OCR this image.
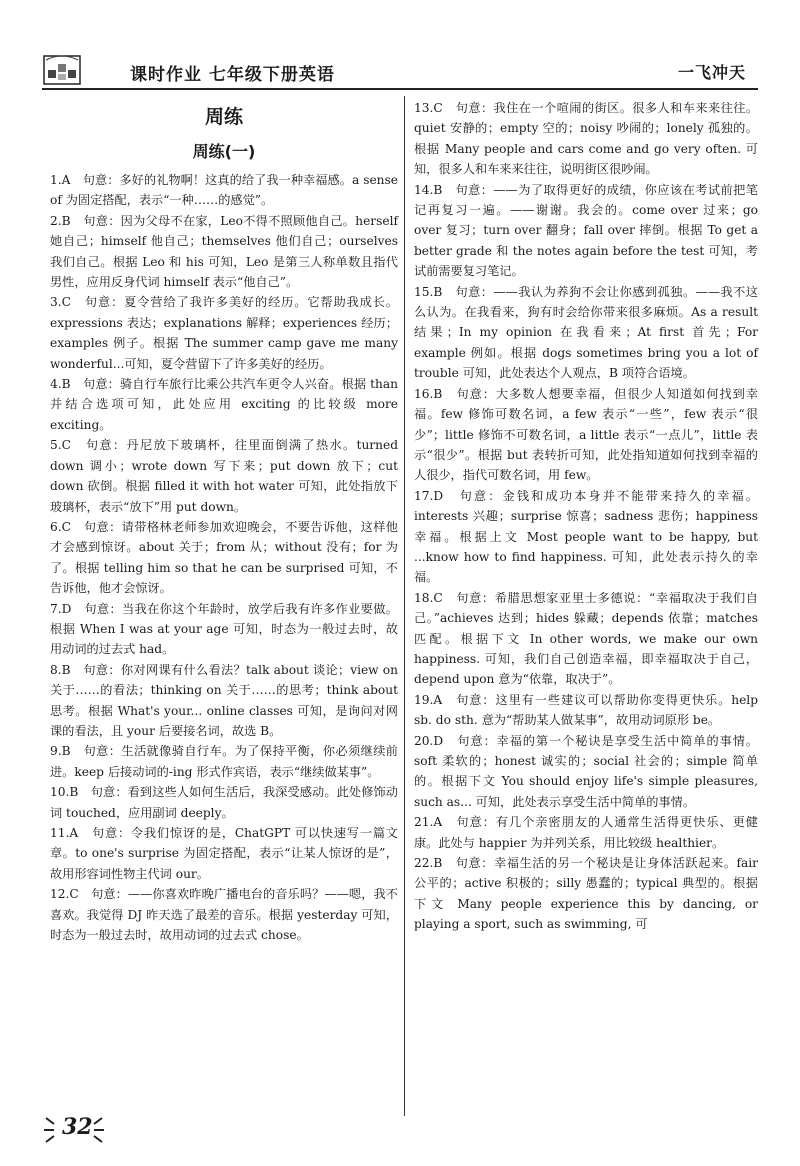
课时作业 七年级下册英语	一飞冲天
周练
周练(一)

1.A　句意：多好的礼物啊！这真的给了我一种幸福感。a sense of 为固定搭配，表示“一种……的感觉”。

2.B　句意：因为父母不在家，Leo不得不照顾他自己。herself 她自己；himself 他自己；themselves 他们自己；ourselves 我们自己。根据 Leo 和 his 可知，Leo 是第三人称单数且指代男性，应用反身代词 himself 表示“他自己”。

3.C　句意：夏令营给了我许多美好的经历。它帮助我成长。expressions 表达；explanations 解释；experiences 经历；examples 例子。根据 The summer camp gave me many wonderful...可知，夏令营留下了许多美好的经历。

4.B　句意：骑自行车旅行比乘公共汽车更令人兴奋。根据 than 并结合选项可知，此处应用 exciting 的比较级 more exciting。

5.C　句意：丹尼放下玻璃杯，往里面倒满了热水。turned down 调小；wrote down 写下来；put down 放下；cut down 砍倒。根据 filled it with hot water 可知，此处指放下玻璃杯，表示“放下”用 put down。

6.C　句意：请带格林老师参加欢迎晚会，不要告诉他，这样他才会感到惊讶。about 关于；from 从；without 没有；for 为了。根据 telling him so that he can be surprised 可知，不告诉他，他才会惊讶。

7.D　句意：当我在你这个年龄时，放学后我有许多作业要做。根据 When I was at your age 可知，时态为一般过去时，故用动词的过去式 had。

8.B　句意：你对网课有什么看法？talk about 谈论；view on 关于……的看法；thinking on 关于……的思考；think about 思考。根据 What's your... online classes 可知，是询问对网课的看法，且 your 后要接名词，故选 B。

9.B　句意：生活就像骑自行车。为了保持平衡，你必须继续前进。keep 后接动词的-ing 形式作宾语，表示“继续做某事”。

10.B　句意：看到这些人如何生活后，我深受感动。此处修饰动词 touched，应用副词 deeply。

11.A　句意：令我们惊讶的是，ChatGPT 可以快速写一篇文章。to one's surprise 为固定搭配，表示“让某人惊讶的是”，故用形容词性物主代词 our。

12.C　句意：——你喜欢昨晚广播电台的音乐吗？——嗯，我不喜欢。我觉得 DJ 昨天选了最差的音乐。根据 yesterday 可知，时态为一般过去时，故用动词的过去式 chose。

13.C　句意：我住在一个喧闹的街区。很多人和车来来往往。quiet 安静的；empty 空的；noisy 吵闹的；lonely 孤独的。根据 Many people and cars come and go very often. 可知，很多人和车来来往往，说明街区很吵闹。

14.B　句意：——为了取得更好的成绩，你应该在考试前把笔记再复习一遍。——谢谢。我会的。come over 过来；go over 复习；turn over 翻身；fall over 摔倒。根据 To get a better grade 和 the notes again before the test 可知，考试前需要复习笔记。

15.B　句意：——我认为养狗不会让你感到孤独。——我不这么认为。在我看来，狗有时会给你带来很多麻烦。As a result 结果；In my opinion 在我看来；At first 首先；For example 例如。根据 dogs sometimes bring you a lot of trouble 可知，此处表达个人观点，B 项符合语境。

16.B　句意：大多数人想要幸福，但很少人知道如何找到幸福。few 修饰可数名词，a few 表示“一些”，few 表示“很少”；little 修饰不可数名词，a little 表示“一点儿”，little 表示“很少”。根据 but 表转折可知，此处指知道如何找到幸福的人很少，指代可数名词，用 few。

17.D　句意：金钱和成功本身并不能带来持久的幸福。interests 兴趣；surprise 惊喜；sadness 悲伤；happiness 幸福。根据上文 Most people want to be happy, but ...know how to find happiness. 可知，此处表示持久的幸福。

18.C　句意：希腊思想家亚里士多德说：“幸福取决于我们自己。”achieves 达到；hides 躲藏；depends 依靠；matches 匹配。根据下文 In other words, we make our own happiness. 可知，我们自己创造幸福，即幸福取决于自己，depend upon 意为“依靠，取决于”。

19.A　句意：这里有一些建议可以帮助你变得更快乐。help sb. do sth. 意为“帮助某人做某事”，故用动词原形 be。

20.D　句意：幸福的第一个秘诀是享受生活中简单的事情。soft 柔软的；honest 诚实的；social 社会的；simple 简单的。根据下文 You should enjoy life's simple pleasures, such as... 可知，此处表示享受生活中简单的事情。

21.A　句意：有几个亲密朋友的人通常生活得更快乐、更健康。此处与 happier 为并列关系，用比较级 healthier。

22.B　句意：幸福生活的另一个秘诀是让身体活跃起来。fair 公平的；active 积极的；silly 愚蠢的；typical 典型的。根据下文 Many people experience this by dancing, or playing a sport, such as swimming, 可

32
